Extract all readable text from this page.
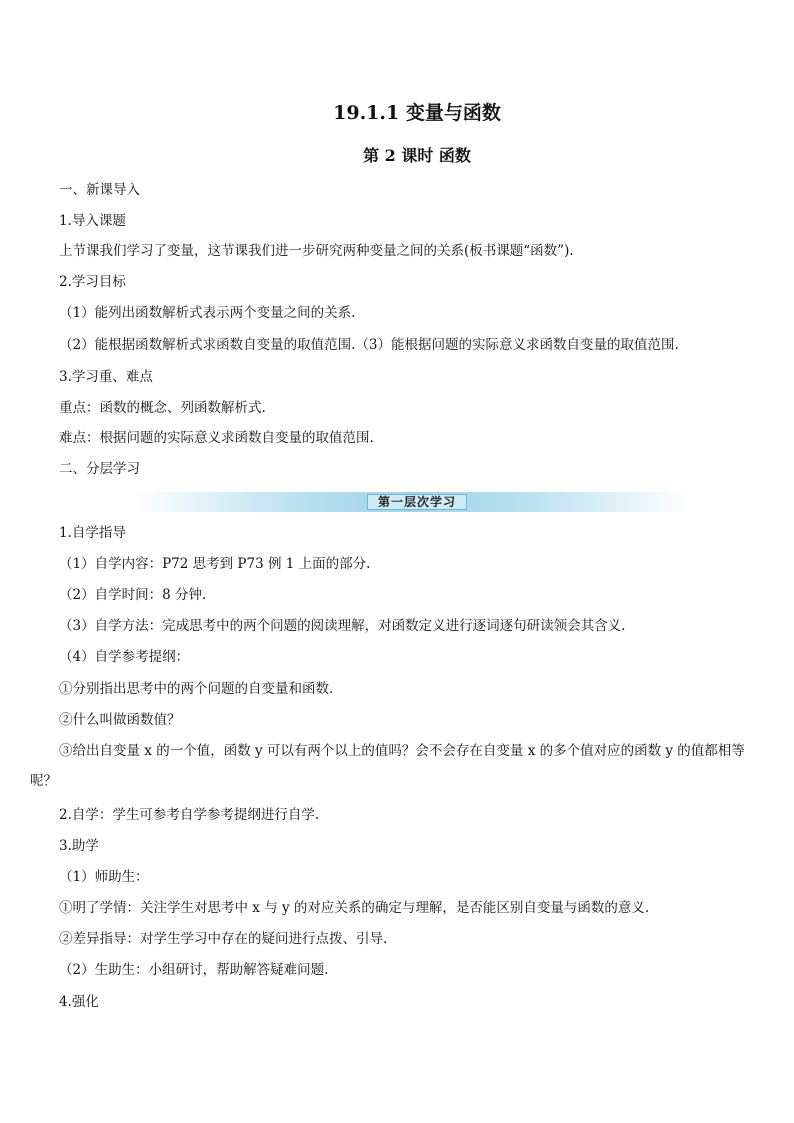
19.1.1 变量与函数
第 2 课时 函数
一、新课导入
1.导入课题
上节课我们学习了变量，这节课我们进一步研究两种变量之间的关系(板书课题“函数”).
2.学习目标
（1）能列出函数解析式表示两个变量之间的关系.
（2）能根据函数解析式求函数自变量的取值范围.（3）能根据问题的实际意义求函数自变量的取值范围.
3.学习重、难点
重点：函数的概念、列函数解析式.
难点：根据问题的实际意义求函数自变量的取值范围.
二、分层学习
第一层次学习
1.自学指导
（1）自学内容：P72 思考到 P73 例 1 上面的部分.
（2）自学时间：8 分钟.
（3）自学方法：完成思考中的两个问题的阅读理解，对函数定义进行逐词逐句研读领会其含义.
（4）自学参考提纲：
①分别指出思考中的两个问题的自变量和函数.
②什么叫做函数值？
③给出自变量 x 的一个值，函数 y 可以有两个以上的值吗？会不会存在自变量 x 的多个值对应的函数 y 的值都相等呢？
2.自学：学生可参考自学参考提纲进行自学.
3.助学
（1）师助生：
①明了学情：关注学生对思考中 x 与 y 的对应关系的确定与理解，是否能区别自变量与函数的意义.
②差异指导：对学生学习中存在的疑问进行点拨、引导.
（2）生助生：小组研讨，帮助解答疑难问题.
4.强化
